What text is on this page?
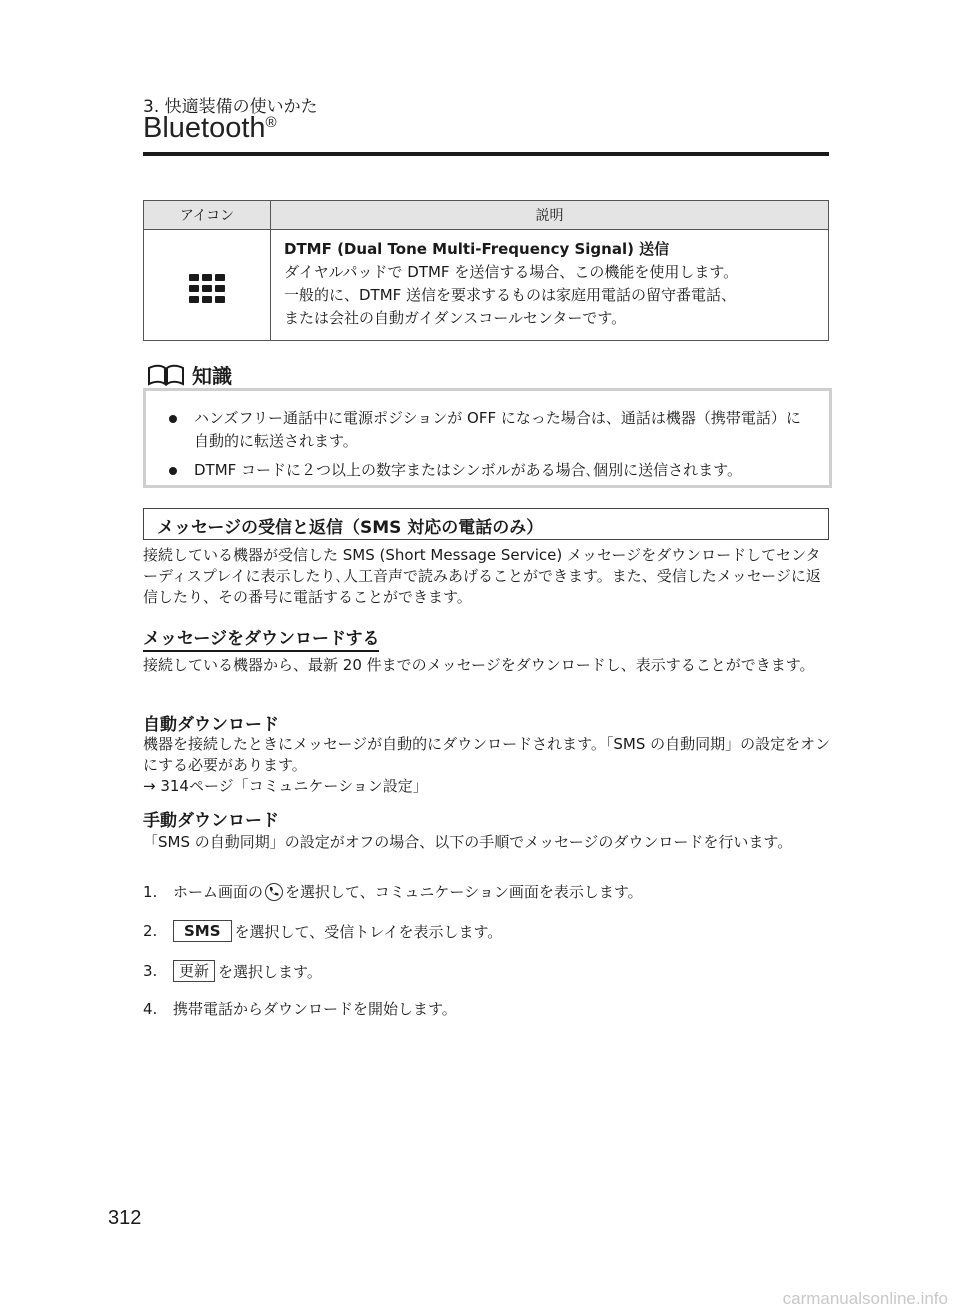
3. 快適装備の使いかた
Bluetooth®
アイコン	説明

	DTMF (Dual Tone Multi-Frequency Signal) 送信
ダイヤルパッドで DTMF を送信する場合、この機能を使用します。
一般的に、DTMF 送信を要求するものは家庭用電話の留守番電話、
または会社の自動ガイダンスコールセンターです。
知識
ハンズフリー通話中に電源ポジションが OFF になった場合は、通話は機器（携帯電話）に自動的に転送されます。
DTMF コードに２つ以上の数字またはシンボルがある場合､個別に送信されます。
メッセージの受信と返信（SMS 対応の電話のみ）
接続している機器が受信した SMS (Short Message Service) メッセージをダウンロードしてセンターディスプレイに表示したり､人工音声で読みあげることができます。また、受信したメッセージに返信したり、その番号に電話することができます。
メッセージをダウンロードする
接続している機器から、最新 20 件までのメッセージをダウンロードし、表示することができます。
自動ダウンロード
機器を接続したときにメッセージが自動的にダウンロードされます。「SMS の自動同期」の設定をオンにする必要があります。
→ 314ページ「コミュニケーション設定」
手動ダウンロード
「SMS の自動同期」の設定がオフの場合、以下の手順でメッセージのダウンロードを行います。
1.	ホーム画面の を選択して、コミュニケーション画面を表示します。
2.	SMS を選択して、受信トレイを表示します。
3.	更新 を選択します。
4.	携帯電話からダウンロードを開始します。
312
carmanualsonline.info
